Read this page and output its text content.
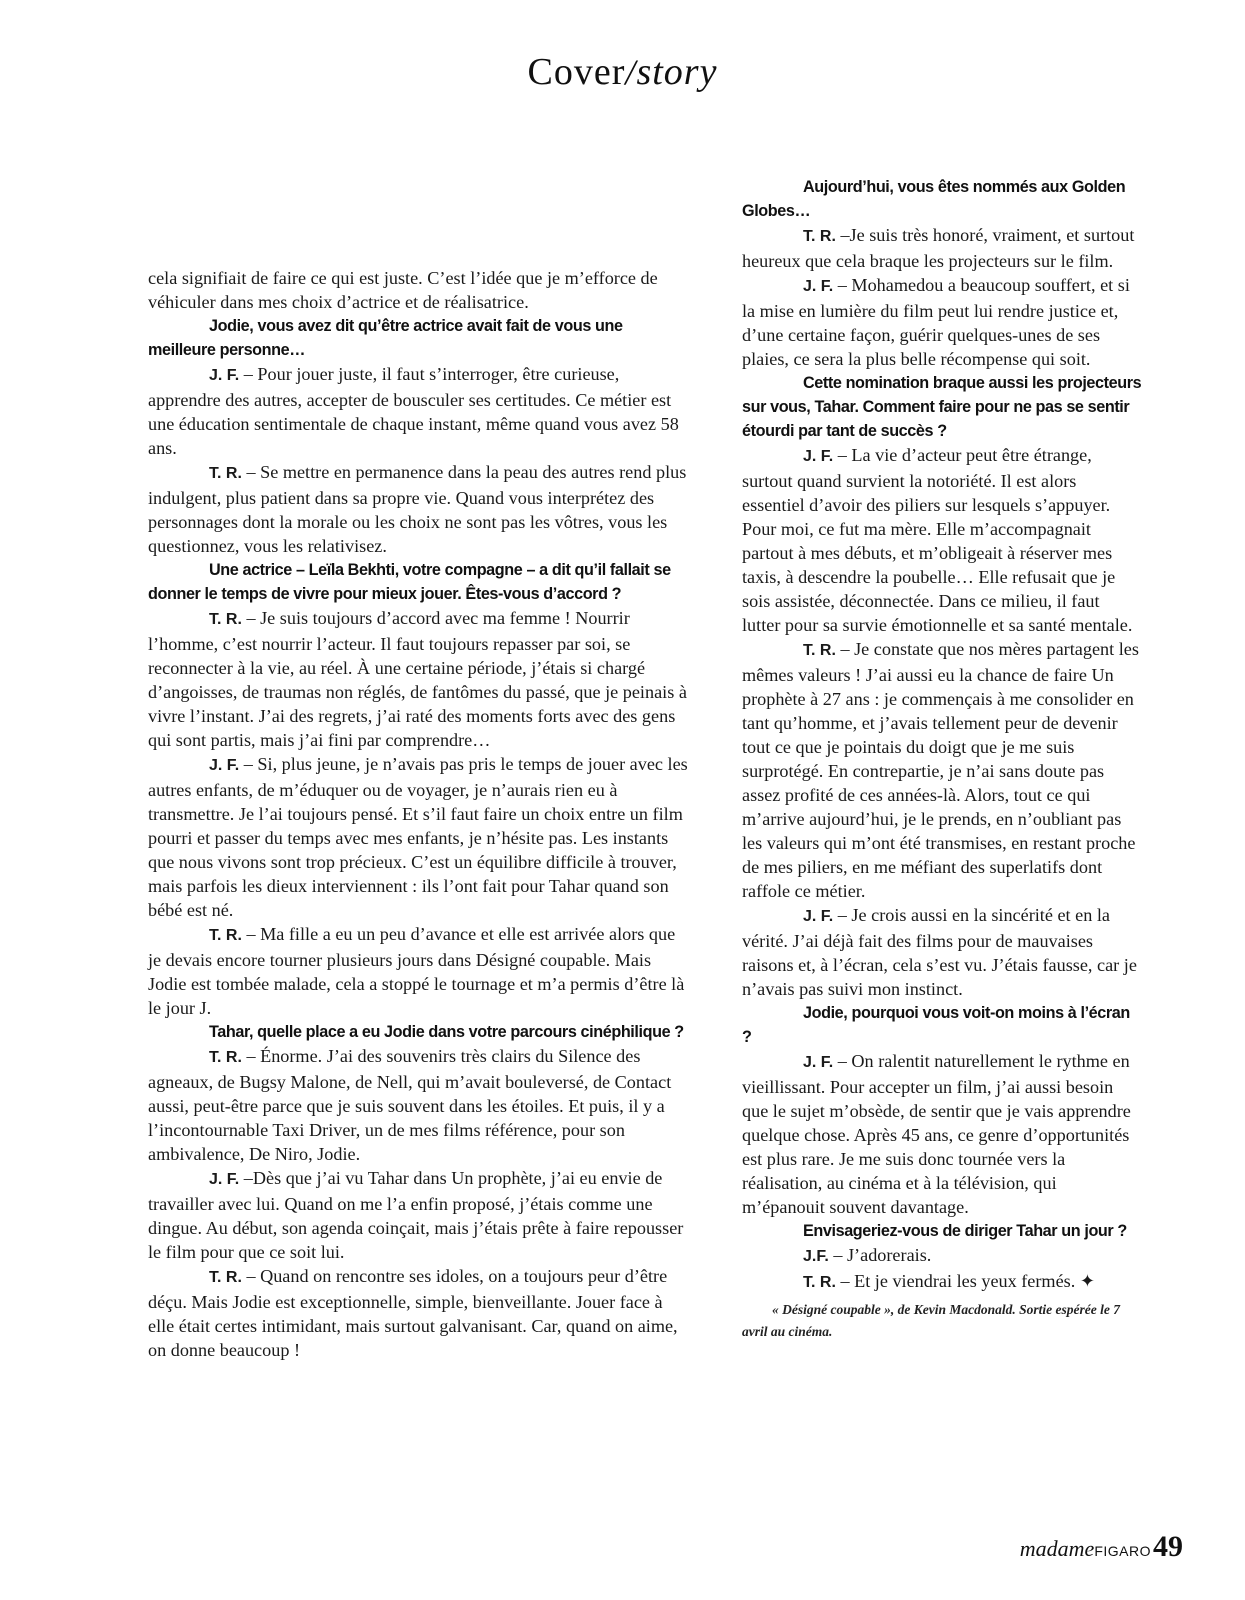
Cover/story

cela signifiait de faire ce qui est juste. C’est l’idée que je m’efforce de véhiculer dans mes choix d’actrice et de réalisatrice.

Jodie, vous avez dit qu’être actrice avait fait de vous une meilleure personne…

J. F. – Pour jouer juste, il faut s’interroger, être curieuse, apprendre des autres, accepter de bousculer ses certitudes. Ce métier est une éducation sentimentale de chaque instant, même quand vous avez 58 ans.

T. R. – Se mettre en permanence dans la peau des autres rend plus indulgent, plus patient dans sa propre vie. Quand vous interprétez des personnages dont la morale ou les choix ne sont pas les vôtres, vous les questionnez, vous les relativisez.

Une actrice – Leïla Bekhti, votre compagne – a dit qu’il fallait se donner le temps de vivre pour mieux jouer. Êtes-vous d’accord ?

T. R. – Je suis toujours d’accord avec ma femme ! Nourrir l’homme, c’est nourrir l’acteur. Il faut toujours repasser par soi, se reconnecter à la vie, au réel. À une certaine période, j’étais si chargé d’angoisses, de traumas non réglés, de fantômes du passé, que je peinais à vivre l’instant. J’ai des regrets, j’ai raté des moments forts avec des gens qui sont partis, mais j’ai fini par comprendre…

J. F. – Si, plus jeune, je n’avais pas pris le temps de jouer avec les autres enfants, de m’éduquer ou de voyager, je n’aurais rien eu à transmettre. Je l’ai toujours pensé. Et s’il faut faire un choix entre un film pourri et passer du temps avec mes enfants, je n’hésite pas. Les instants que nous vivons sont trop précieux. C’est un équilibre difficile à trouver, mais parfois les dieux interviennent : ils l’ont fait pour Tahar quand son bébé est né.

T. R. – Ma fille a eu un peu d’avance et elle est arrivée alors que je devais encore tourner plusieurs jours dans Désigné coupable. Mais Jodie est tombée malade, cela a stoppé le tournage et m’a permis d’être là le jour J.

Tahar, quelle place a eu Jodie dans votre parcours cinéphilique ?

T. R. – Énorme. J’ai des souvenirs très clairs du Silence des agneaux, de Bugsy Malone, de Nell, qui m’avait bouleversé, de Contact aussi, peut-être parce que je suis souvent dans les étoiles. Et puis, il y a l’incontournable Taxi Driver, un de mes films référence, pour son ambivalence, De Niro, Jodie.

J. F. –Dès que j’ai vu Tahar dans Un prophète, j’ai eu envie de travailler avec lui. Quand on me l’a enfin proposé, j’étais comme une dingue. Au début, son agenda coinçait, mais j’étais prête à faire repousser le film pour que ce soit lui.

T. R. – Quand on rencontre ses idoles, on a toujours peur d’être déçu. Mais Jodie est exceptionnelle, simple, bienveillante. Jouer face à elle était certes intimidant, mais surtout galvanisant. Car, quand on aime, on donne beaucoup !

Aujourd’hui, vous êtes nommés aux Golden Globes…

T. R. –Je suis très honoré, vraiment, et surtout heureux que cela braque les projecteurs sur le film.

J. F. – Mohamedou a beaucoup souffert, et si la mise en lumière du film peut lui rendre justice et, d’une certaine façon, guérir quelques-unes de ses plaies, ce sera la plus belle récompense qui soit.

Cette nomination braque aussi les projecteurs sur vous, Tahar. Comment faire pour ne pas se sentir étourdi par tant de succès ?

J. F. – La vie d’acteur peut être étrange, surtout quand survient la notoriété. Il est alors essentiel d’avoir des piliers sur lesquels s’appuyer. Pour moi, ce fut ma mère. Elle m’accompagnait partout à mes débuts, et m’obligeait à réserver mes taxis, à descendre la poubelle… Elle refusait que je sois assistée, déconnectée. Dans ce milieu, il faut lutter pour sa survie émotionnelle et sa santé mentale.

T. R. – Je constate que nos mères partagent les mêmes valeurs ! J’ai aussi eu la chance de faire Un prophète à 27 ans : je commençais à me consolider en tant qu’homme, et j’avais tellement peur de devenir tout ce que je pointais du doigt que je me suis surprotégé. En contrepartie, je n’ai sans doute pas assez profité de ces années-là. Alors, tout ce qui m’arrive aujourd’hui, je le prends, en n’oubliant pas les valeurs qui m’ont été transmises, en restant proche de mes piliers, en me méfiant des superlatifs dont raffole ce métier.

J. F. – Je crois aussi en la sincérité et en la vérité. J’ai déjà fait des films pour de mauvaises raisons et, à l’écran, cela s’est vu. J’étais fausse, car je n’avais pas suivi mon instinct.

Jodie, pourquoi vous voit-on moins à l’écran ?

J. F. – On ralentit naturellement le rythme en vieillissant. Pour accepter un film, j’ai aussi besoin que le sujet m’obsède, de sentir que je vais apprendre quelque chose. Après 45 ans, ce genre d’opportunités est plus rare. Je me suis donc tournée vers la réalisation, au cinéma et à la télévision, qui m’épanouit souvent davantage.

Envisageriez-vous de diriger Tahar un jour ?

J.F. – J’adorerais.

T. R. – Et je viendrai les yeux fermés. ✦

« Désigné coupable », de Kevin Macdonald. Sortie espérée le 7 avril au cinéma.

madame FIGARO 49
